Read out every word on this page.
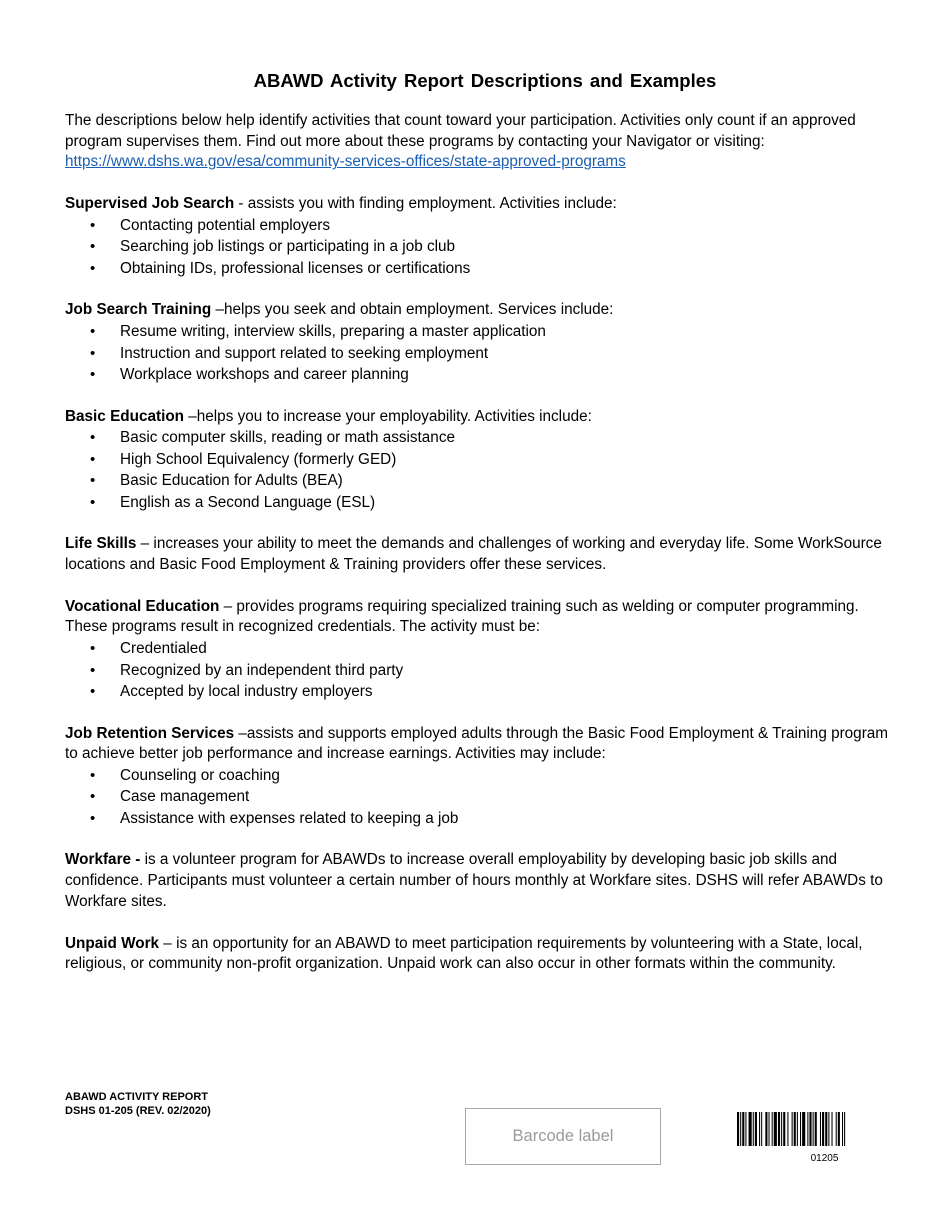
ABAWD Activity Report Descriptions and Examples

The descriptions below help identify activities that count toward your participation. Activities only count if an approved program supervises them. Find out more about these programs by contacting your Navigator or visiting:
https://www.dshs.wa.gov/esa/community-services-offices/state-approved-programs

Supervised Job Search - assists you with finding employment. Activities include:

• Contacting potential employers
• Searching job listings or participating in a job club
• Obtaining IDs, professional licenses or certifications

Job Search Training –helps you seek and obtain employment. Services include:

• Resume writing, interview skills, preparing a master application
• Instruction and support related to seeking employment
• Workplace workshops and career planning

Basic Education –helps you to increase your employability. Activities include:

• Basic computer skills, reading or math assistance
• High School Equivalency (formerly GED)
• Basic Education for Adults (BEA)
• English as a Second Language (ESL)

Life Skills – increases your ability to meet the demands and challenges of working and everyday life. Some WorkSource locations and Basic Food Employment & Training providers offer these services.

Vocational Education – provides programs requiring specialized training such as welding or computer programming. These programs result in recognized credentials. The activity must be:

• Credentialed
• Recognized by an independent third party
• Accepted by local industry employers

Job Retention Services –assists and supports employed adults through the Basic Food Employment & Training program to achieve better job performance and increase earnings. Activities may include:

• Counseling or coaching
• Case management
• Assistance with expenses related to keeping a job

Workfare - is a volunteer program for ABAWDs to increase overall employability by developing basic job skills and confidence. Participants must volunteer a certain number of hours monthly at Workfare sites. DSHS will refer ABAWDs to Workfare sites.

Unpaid Work – is an opportunity for an ABAWD to meet participation requirements by volunteering with a State, local, religious, or community non-profit organization. Unpaid work can also occur in other formats within the community.

ABAWD ACTIVITY REPORT
DSHS 01-205 (REV. 02/2020)
Barcode label
01205
